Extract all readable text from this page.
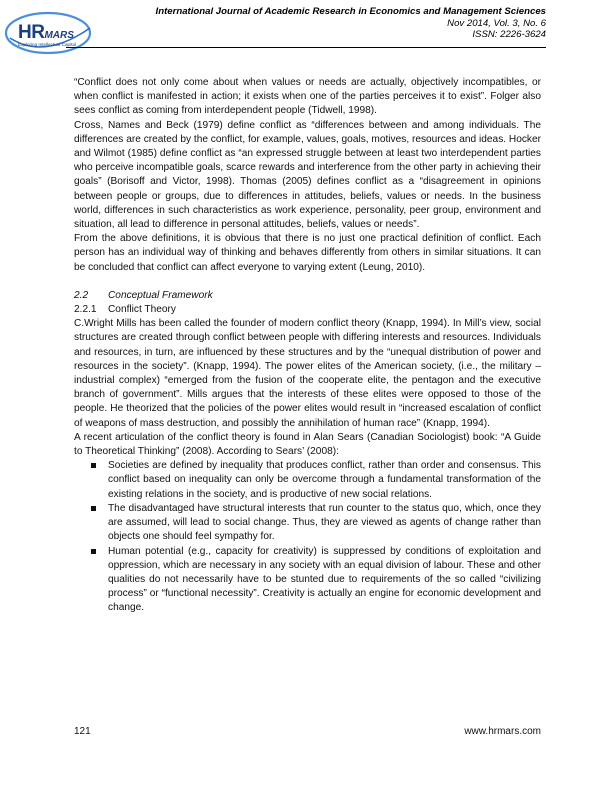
HRMARS
Exploring Intellectual Capital
International Journal of Academic Research in Economics and Management Sciences
Nov 2014, Vol. 3, No. 6
ISSN: 2226-3624

“Conflict does not only come about when values or needs are actually, objectively incompatibles, or when conflict is manifested in action; it exists when one of the parties perceives it to exist”. Folger also sees conflict as coming from interdependent people (Tidwell, 1998).

Cross, Names and Beck (1979) define conflict as “differences between and among individuals. The differences are created by the conflict, for example, values, goals, motives, resources and ideas. Hocker and Wilmot (1985) define conflict as “an expressed struggle between at least two interdependent parties who perceive incompatible goals, scarce rewards and interference from the other party in achieving their goals” (Borisoff and Victor, 1998). Thomas (2005) defines conflict as a “disagreement in opinions between people or groups, due to differences in attitudes, beliefs, values or needs. In the business world, differences in such characteristics as work experience, personality, peer group, environment and situation, all lead to difference in personal attitudes, beliefs, values or needs”.

From the above definitions, it is obvious that there is no just one practical definition of conflict. Each person has an individual way of thinking and behaves differently from others in similar situations. It can be concluded that conflict can affect everyone to varying extent (Leung, 2010).

2.2	Conceptual Framework
2.2.1	Conflict Theory

C.Wright Mills has been called the founder of modern conflict theory (Knapp, 1994). In Mill’s view, social structures are created through conflict between people with differing interests and resources. Individuals and resources, in turn, are influenced by these structures and by the “unequal distribution of power and resources in the society”. (Knapp, 1994). The power elites of the American society, (i.e., the military – industrial complex) “emerged from the fusion of the cooperate elite, the pentagon and the executive branch of government”. Mills argues that the interests of these elites were opposed to those of the people. He theorized that the policies of the power elites would result in “increased escalation of conflict of weapons of mass destruction, and possibly the annihilation of human race” (Knapp, 1994).

A recent articulation of the conflict theory is found in Alan Sears (Canadian Sociologist) book: “A Guide to Theoretical Thinking” (2008). According to Sears’ (2008):

Societies are defined by inequality that produces conflict, rather than order and consensus. This conflict based on inequality can only be overcome through a fundamental transformation of the existing relations in the society, and is productive of new social relations.
The disadvantaged have structural interests that run counter to the status quo, which, once they are assumed, will lead to social change. Thus, they are viewed as agents of change rather than objects one should feel sympathy for.
Human potential (e.g., capacity for creativity) is suppressed by conditions of exploitation and oppression, which are necessary in any society with an equal division of labour. These and other qualities do not necessarily have to be stunted due to requirements of the so called “civilizing process” or “functional necessity”. Creativity is actually an engine for economic development and change.
121	www.hrmars.com
